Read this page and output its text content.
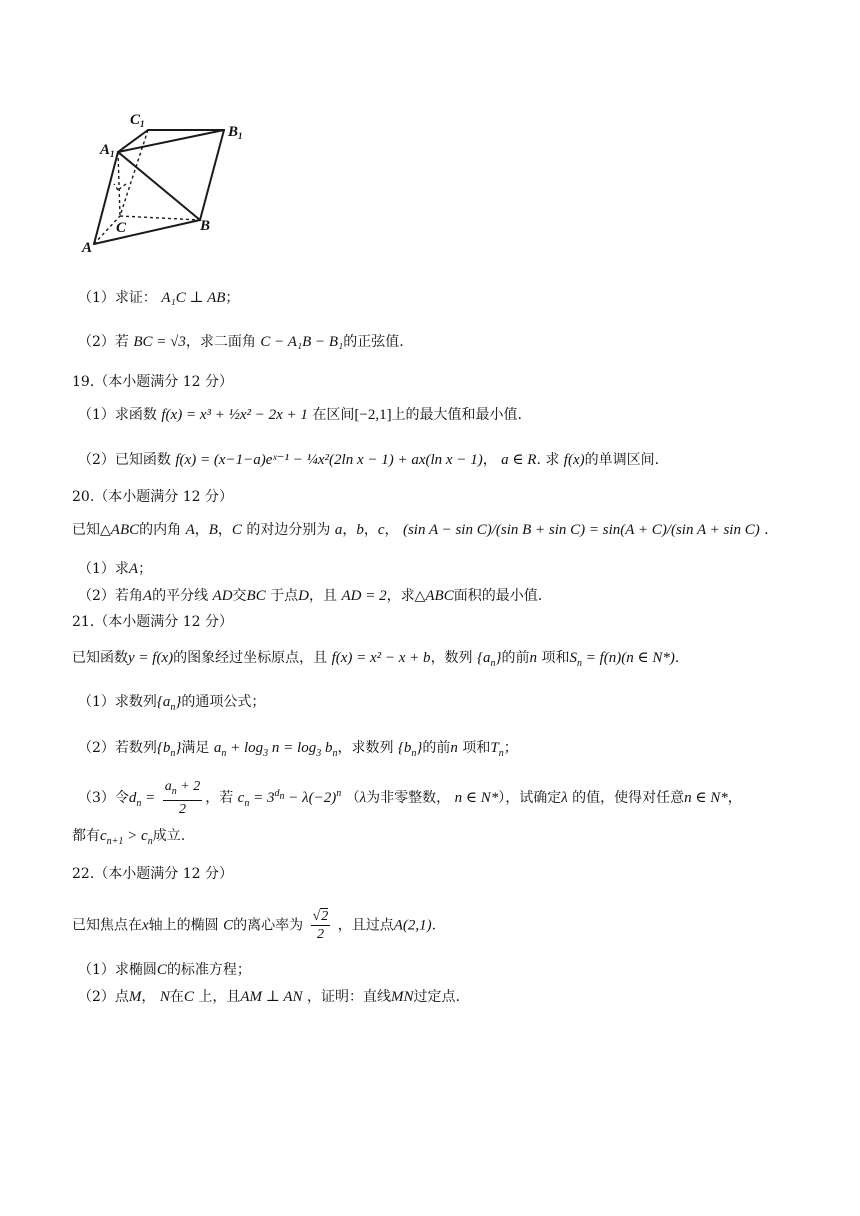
$C_1$	$B_1$
$A_1$
C	B
A
（1）求证： A₁C ⊥ AB；
（2）若 BC = √3，求二面角 C − A₁B − B₁的正弦值.
19.（本小题满分 12 分）
（1）求函数 f(x) = x³ + ½x² − 2x + 1 在区间[−2,1]上的最大值和最小值.
（2）已知函数 f(x) = (x−1−a)eˣ⁻¹ − ¼x²(2ln x − 1) + ax(ln x − 1)， a ∈ R. 求 f(x)的单调区间.
20.（本小题满分 12 分）
已知△ABC的内角 A，B，C 的对边分别为 a，b，c， (sin A − sin C)/(sin B + sin C) = sin(A + C)/(sin A + sin C) .
（1）求A；
（2）若角A的平分线 AD交BC 于点D，且 AD = 2，求△ABC面积的最小值.
21.（本小题满分 12 分）
已知函数y = f(x)的图象经过坐标原点，且 f(x) = x² − x + b，数列 $\{a_n\}$的前n 项和$S_n = f(n)(n$ ∈ N*).
（1）求数列$\{a_n\}$的通项公式；
（2）若数列$\{b_n\}$满足 $a_n + \log_3 n = \log_3 b_n$，求数列 $\{b_n\}$的前n 项和$T_n$；
（3）令$d_n = \frac{a_n + 2}{2}$ ，若 $c_n = 3^{d_n} - \lambda(-2)^n$ （λ为非零整数， n ∈ N*），试确定λ 的值，使得对任意n ∈ N*，
都有$c_{n+1} > c_n$成立.
22.（本小题满分 12 分）
已知焦点在x轴上的椭圆 C的离心率为 $\frac{√2}{2}$ ，且过点A(2,1).
（1）求椭圆C的标准方程；
（2）点M， N在C 上，且AM ⊥ AN ，证明：直线MN过定点.
